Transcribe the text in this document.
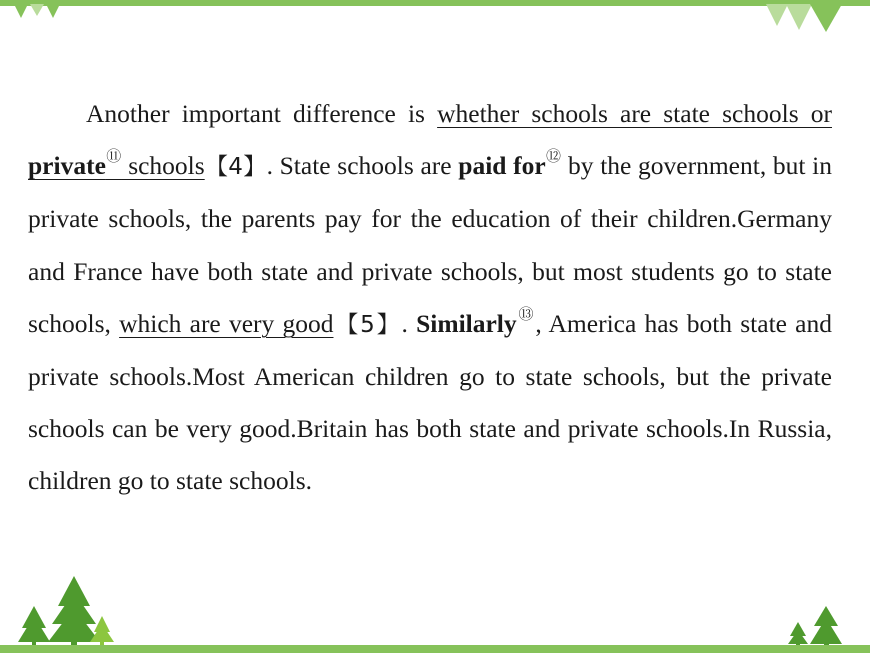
Another important difference is whether schools are state schools or private⑪ schools【4】. State schools are paid for⑫ by the government, but in private schools, the parents pay for the education of their children.Germany and France have both state and private schools, but most students go to state schools, which are very good【5】. Similarly⑬, America has both state and private schools.Most American children go to state schools, but the private schools can be very good.Britain has both state and private schools.In Russia, children go to state schools.
